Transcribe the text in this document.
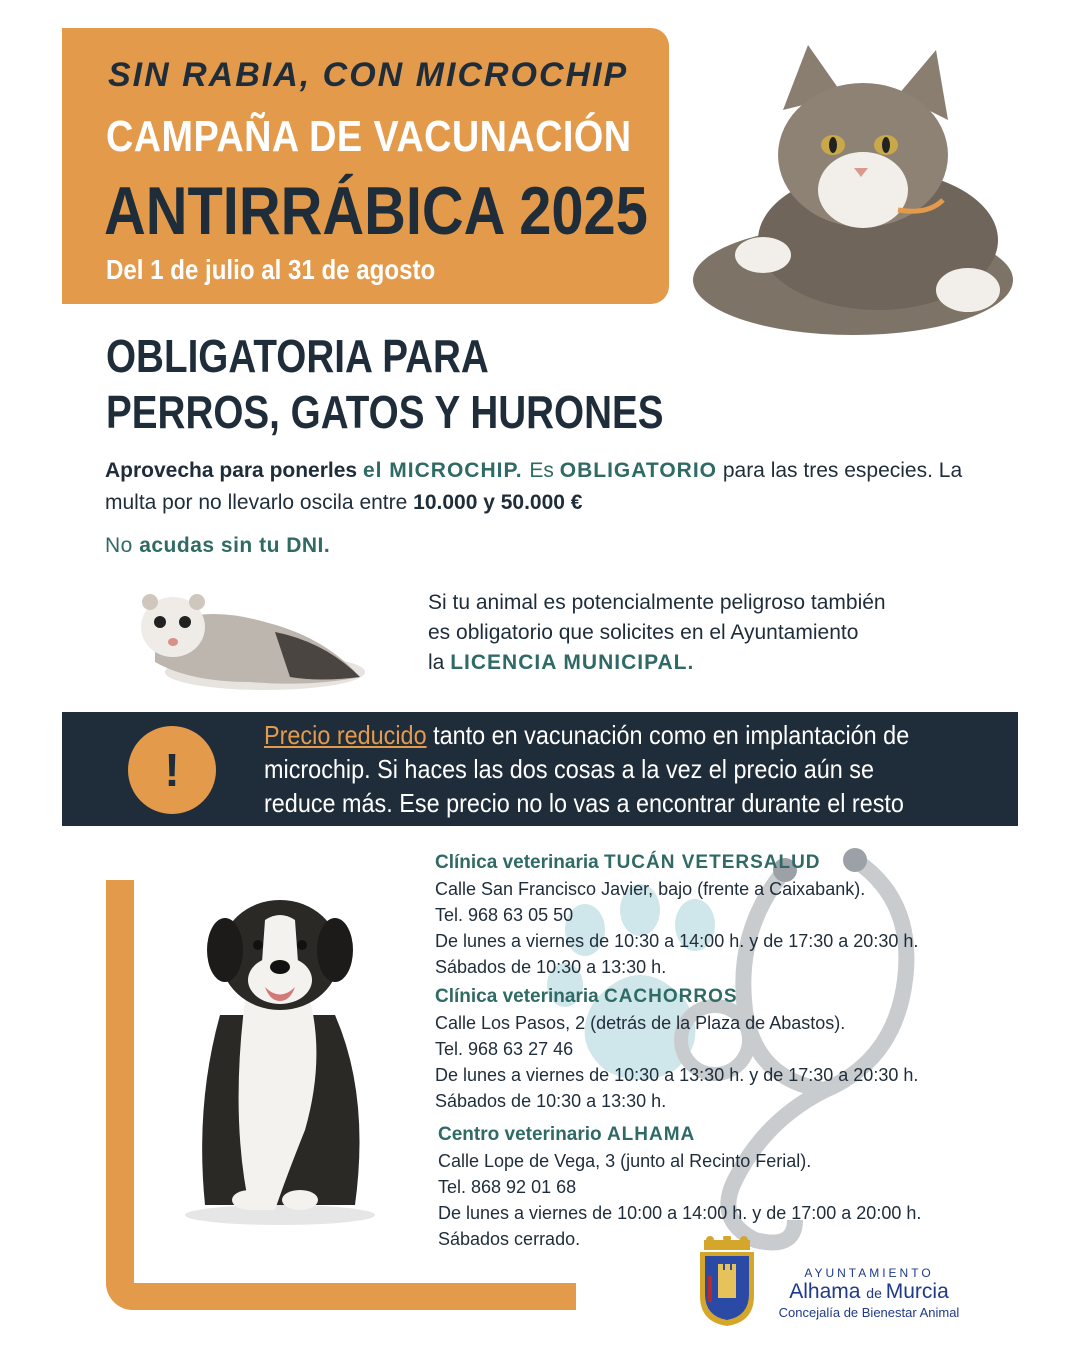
SIN RABIA, CON MICROCHIP
CAMPAÑA DE VACUNACIÓN
ANTIRRÁBICA 2025
Del 1 de julio al 31 de agosto
OBLIGATORIA PARA
PERROS, GATOS Y HURONES
Aprovecha para ponerles el MICROCHIP. Es OBLIGATORIO para las tres especies. La multa por no llevarlo oscila entre 10.000 y 50.000 €
No acudas sin tu DNI.
Si tu animal es potencialmente peligroso también
es obligatorio que solicites en el Ayuntamiento
la LICENCIA MUNICIPAL.
!
Precio reducido tanto en vacunación como en implantación de microchip. Si haces las dos cosas a la vez el precio aún se reduce más. Ese precio no lo vas a encontrar durante el resto del año.
Clínica veterinaria TUCÁN VETERSALUD
Calle San Francisco Javier, bajo (frente a Caixabank).
Tel. 968 63 05 50
De lunes a viernes de 10:30 a 14:00 h. y de 17:30 a 20:30 h.
Sábados de 10:30 a 13:30 h.
Clínica veterinaria CACHORROS
Calle Los Pasos, 2 (detrás de la Plaza de Abastos).
Tel. 968 63 27 46
De lunes a viernes de 10:30 a 13:30 h. y de 17:30 a 20:30 h.
Sábados de 10:30 a 13:30 h.
Centro veterinario ALHAMA
Calle Lope de Vega, 3 (junto al Recinto Ferial).
Tel. 868 92 01 68
De lunes a viernes de 10:00 a 14:00 h. y de 17:00 a 20:00 h.
Sábados cerrado.
AYUNTAMIENTO
Alhama de Murcia
Concejalía de Bienestar Animal
